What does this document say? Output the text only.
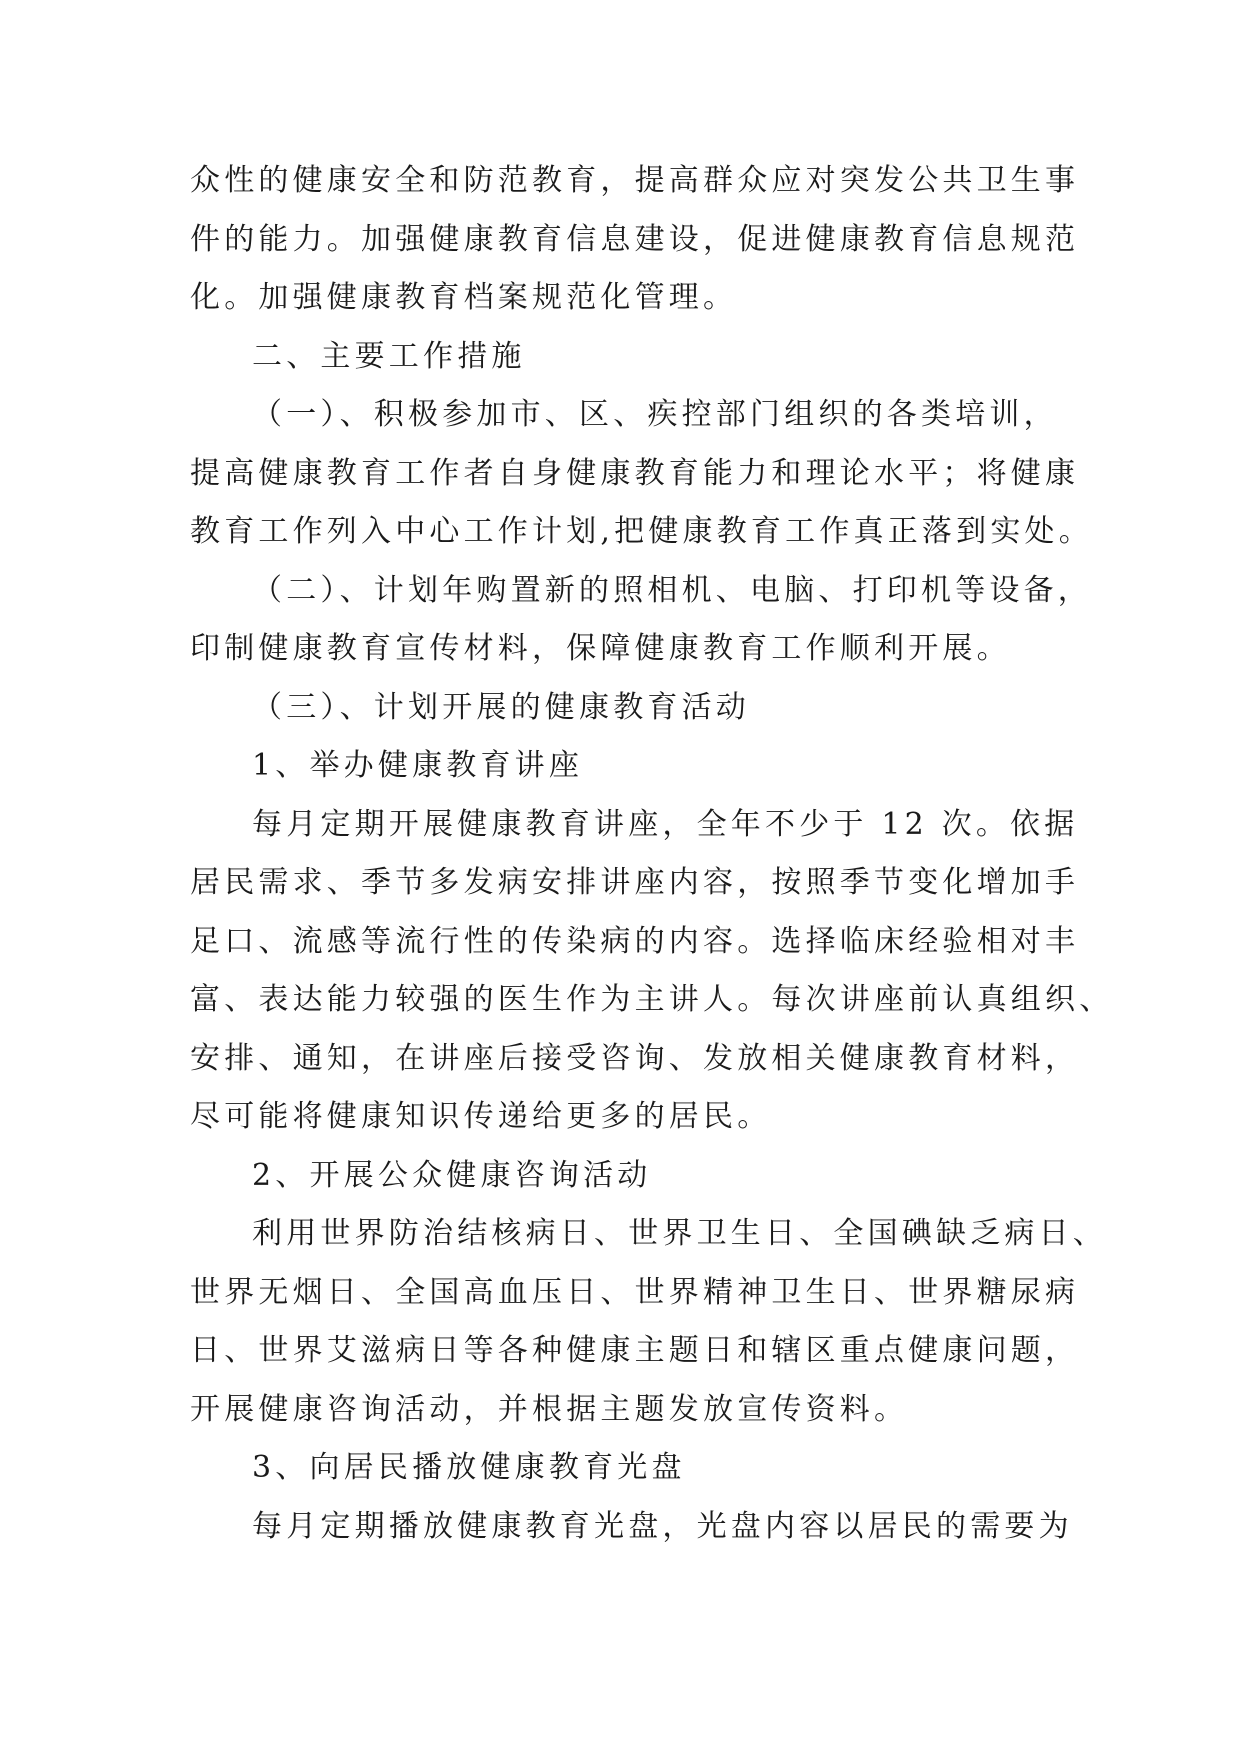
众性的健康安全和防范教育，提高群众应对突发公共卫生事
件的能力。加强健康教育信息建设，促进健康教育信息规范
化。加强健康教育档案规范化管理。
二、主要工作措施
（一）、积极参加市、区、疾控部门组织的各类培训，
提高健康教育工作者自身健康教育能力和理论水平；将健康
教育工作列入中心工作计划,把健康教育工作真正落到实处。
（二）、计划年购置新的照相机、电脑、打印机等设备，
印制健康教育宣传材料，保障健康教育工作顺利开展。
（三）、计划开展的健康教育活动
1、举办健康教育讲座
每月定期开展健康教育讲座，全年不少于 12 次。依据
居民需求、季节多发病安排讲座内容，按照季节变化增加手
足口、流感等流行性的传染病的内容。选择临床经验相对丰
富、表达能力较强的医生作为主讲人。每次讲座前认真组织、
安排、通知，在讲座后接受咨询、发放相关健康教育材料，
尽可能将健康知识传递给更多的居民。
2、开展公众健康咨询活动
利用世界防治结核病日、世界卫生日、全国碘缺乏病日、
世界无烟日、全国高血压日、世界精神卫生日、世界糖尿病
日、世界艾滋病日等各种健康主题日和辖区重点健康问题，
开展健康咨询活动，并根据主题发放宣传资料。
3、向居民播放健康教育光盘
每月定期播放健康教育光盘，光盘内容以居民的需要为
